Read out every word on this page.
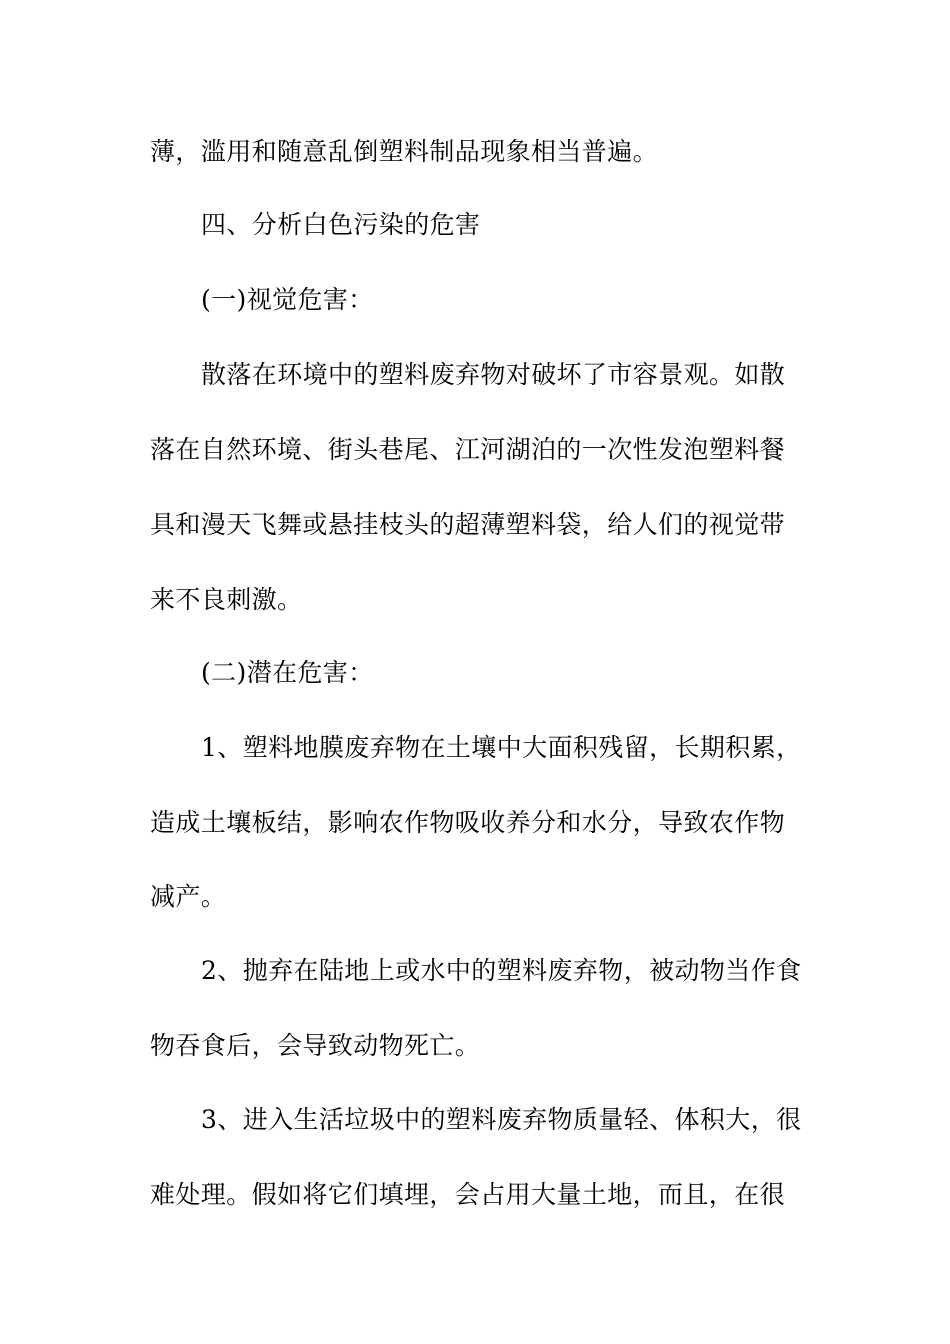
薄，滥用和随意乱倒塑料制品现象相当普遍。
四、分析白色污染的危害
(一)视觉危害：
散落在环境中的塑料废弃物对破坏了市容景观。如散
落在自然环境、街头巷尾、江河湖泊的一次性发泡塑料餐
具和漫天飞舞或悬挂枝头的超薄塑料袋，给人们的视觉带
来不良刺激。
(二)潜在危害：
1、塑料地膜废弃物在土壤中大面积残留，长期积累，
造成土壤板结，影响农作物吸收养分和水分，导致农作物
减产。
2、抛弃在陆地上或水中的塑料废弃物，被动物当作食
物吞食后，会导致动物死亡。
3、进入生活垃圾中的塑料废弃物质量轻、体积大，很
难处理。假如将它们填埋，会占用大量土地，而且，在很
